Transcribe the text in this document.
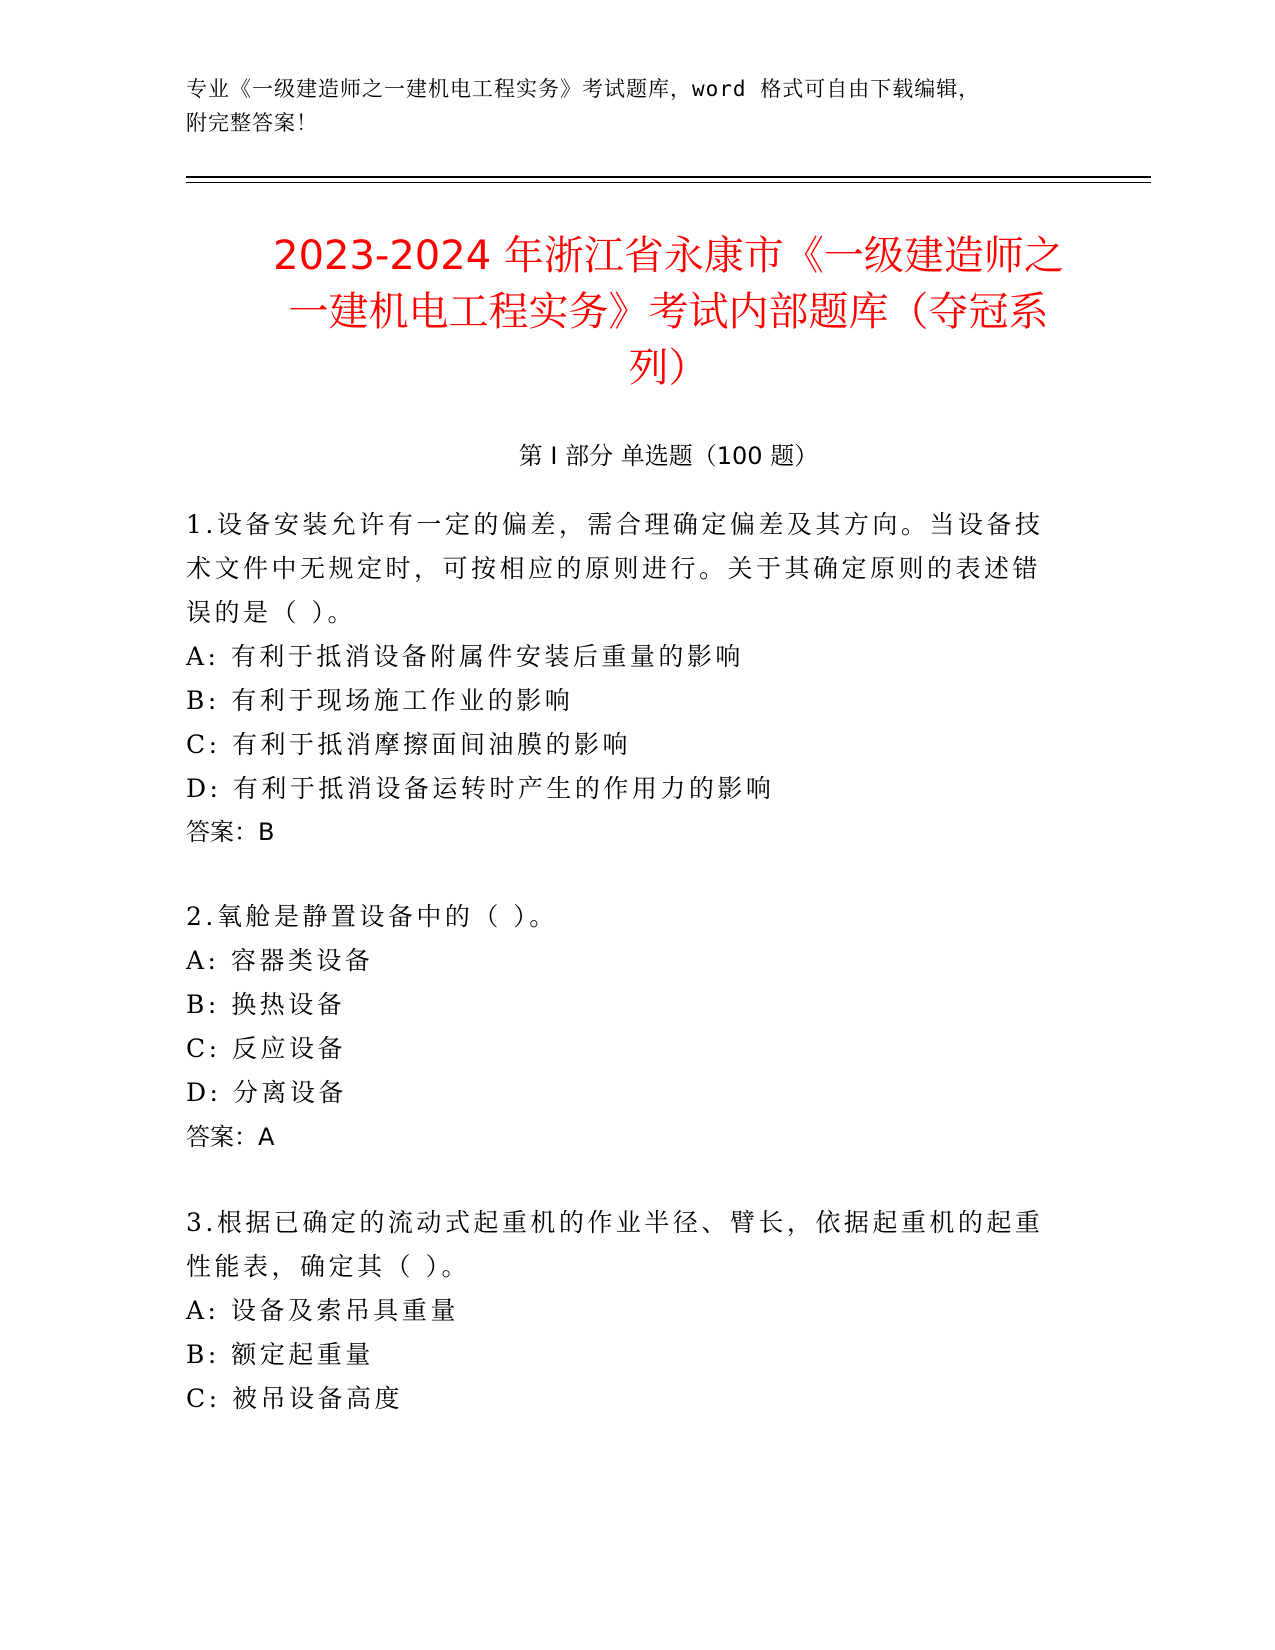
专业《一级建造师之一建机电工程实务》考试题库，word 格式可自由下载编辑，
附完整答案！
2023-2024 年浙江省永康市《一级建造师之
一建机电工程实务》考试内部题库（夺冠系
列）
第 I 部分 单选题（100 题）
1.设备安装允许有一定的偏差，需合理确定偏差及其方向。当设备技
术文件中无规定时，可按相应的原则进行。关于其确定原则的表述错
误的是（ ）。
A: 有利于抵消设备附属件安装后重量的影响
B: 有利于现场施工作业的影响
C: 有利于抵消摩擦面间油膜的影响
D: 有利于抵消设备运转时产生的作用力的影响
答案：B
2.氧舱是静置设备中的（ ）。
A: 容器类设备
B: 换热设备
C: 反应设备
D: 分离设备
答案：A
3.根据已确定的流动式起重机的作业半径、臂长，依据起重机的起重
性能表，确定其（ ）。
A: 设备及索吊具重量
B: 额定起重量
C: 被吊设备高度
